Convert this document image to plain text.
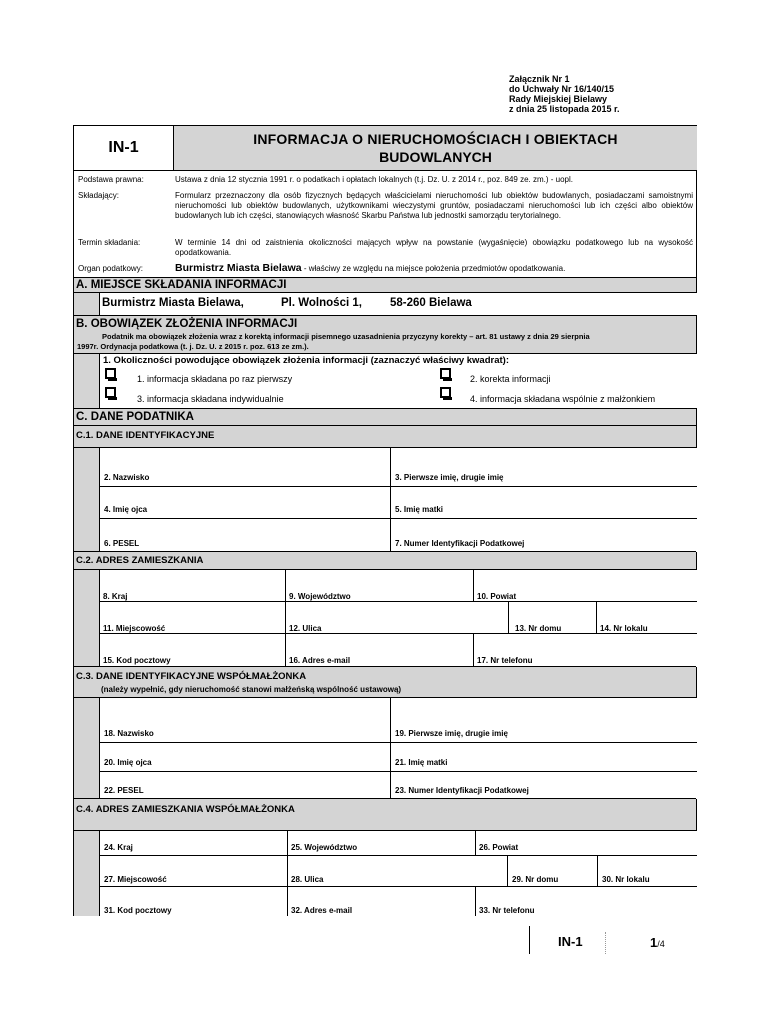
Załącznik Nr 1
do Uchwały Nr 16/140/15
Rady Miejskiej Bielawy
z dnia 25 listopada 2015 r.
IN-1	INFORMACJA O NIERUCHOMOŚCIACH I OBIEKTACH
BUDOWLANYCH
Podstawa prawna:	Ustawa z dnia 12 stycznia 1991 r. o podatkach i opłatach lokalnych (t.j. Dz. U. z 2014 r., poz. 849 ze. zm.) - uopl.
Składający:	Formularz przeznaczony dla osób fizycznych będących właścicielami nieruchomości lub obiektów budowlanych, posiadaczami samoistnymi nieruchomości lub obiektów budowlanych, użytkownikami wieczystymi gruntów, posiadaczami nieruchomości lub ich części albo obiektów budowlanych lub ich części, stanowiących własność Skarbu Państwa lub jednostki samorządu terytorialnego.
Termin składania:	W terminie 14 dni od zaistnienia okoliczności mających wpływ na powstanie (wygaśnięcie) obowiązku podatkowego lub na wysokość opodatkowania.
Organ podatkowy:	Burmistrz Miasta Bielawa - właściwy ze względu na miejsce położenia przedmiotów opodatkowania.
A. MIEJSCE SKŁADANIA INFORMACJI
Burmistrz Miasta Bielawa,	Pl. Wolności 1, 58-260 Bielawa
B. OBOWIĄZEK ZŁOŻENIA INFORMACJI
Podatnik ma obowiązek złożenia wraz z korektą informacji pisemnego uzasadnienia przyczyny korekty – art. 81 ustawy z dnia 29 sierpnia
1997r. Ordynacja podatkowa (t. j. Dz. U. z 2015 r. poz. 613 ze zm.).
1. Okoliczności powodujące obowiązek złożenia informacji (zaznaczyć właściwy kwadrat):
1. informacja składana po raz pierwszy	2. korekta informacji
3. informacja składana indywidualnie	4. informacja składana wspólnie z małżonkiem
C. DANE PODATNIKA
C.1. DANE IDENTYFIKACYJNE
2. Nazwisko	3. Pierwsze imię, drugie imię
4. Imię ojca	5. Imię matki
6. PESEL	7. Numer Identyfikacji Podatkowej
C.2. ADRES ZAMIESZKANIA
8. Kraj	9. Województwo	10. Powiat
11. Miejscowość	12. Ulica	13. Nr domu	14. Nr lokalu
15. Kod pocztowy	16. Adres e-mail	17. Nr telefonu
C.3. DANE IDENTYFIKACYJNE WSPÓŁMAŁŻONKA
(należy wypełnić, gdy nieruchomość stanowi małżeńską wspólność ustawową)
18. Nazwisko	19. Pierwsze imię, drugie imię
20. Imię ojca	21. Imię matki
22. PESEL	23. Numer Identyfikacji Podatkowej
C.4. ADRES ZAMIESZKANIA WSPÓŁMAŁŻONKA
24. Kraj	25. Województwo	26. Powiat
27. Miejscowość	28. Ulica	29. Nr domu	30. Nr lokalu
31. Kod pocztowy	32. Adres e-mail	33. Nr telefonu
IN-1	1/4
